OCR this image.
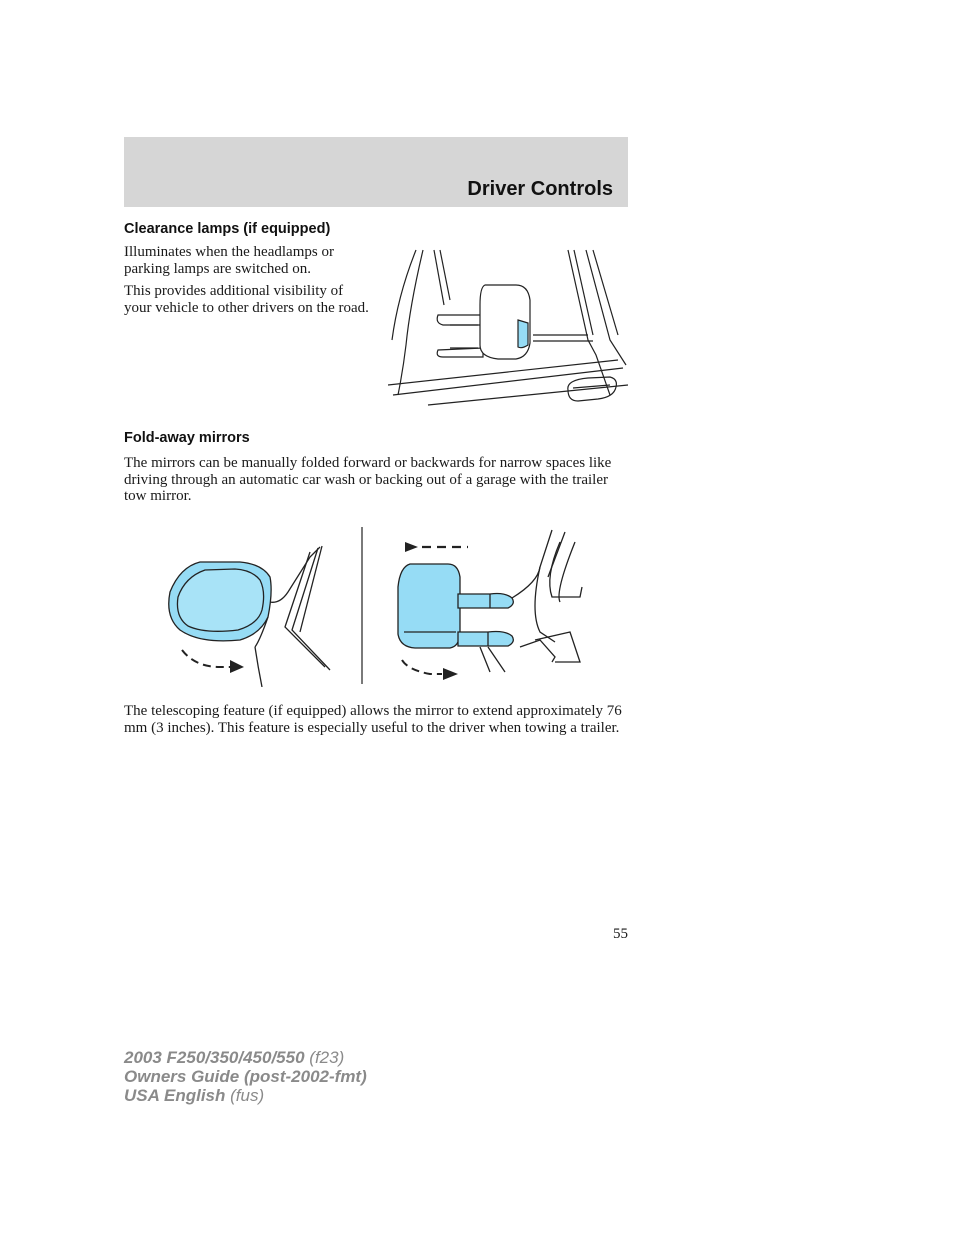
Driver Controls
Clearance lamps (if equipped)

Illuminates when the headlamps or parking lamps are switched on.

This provides additional visibility of your vehicle to other drivers on the road.

Fold-away mirrors

The mirrors can be manually folded forward or backwards for narrow spaces like driving through an automatic car wash or backing out of a garage with the trailer tow mirror.

The telescoping feature (if equipped) allows the mirror to extend approximately 76 mm (3 inches). This feature is especially useful to the driver when towing a trailer.

55
2003 F250/350/450/550 (f23)
Owners Guide (post-2002-fmt)
USA English (fus)
